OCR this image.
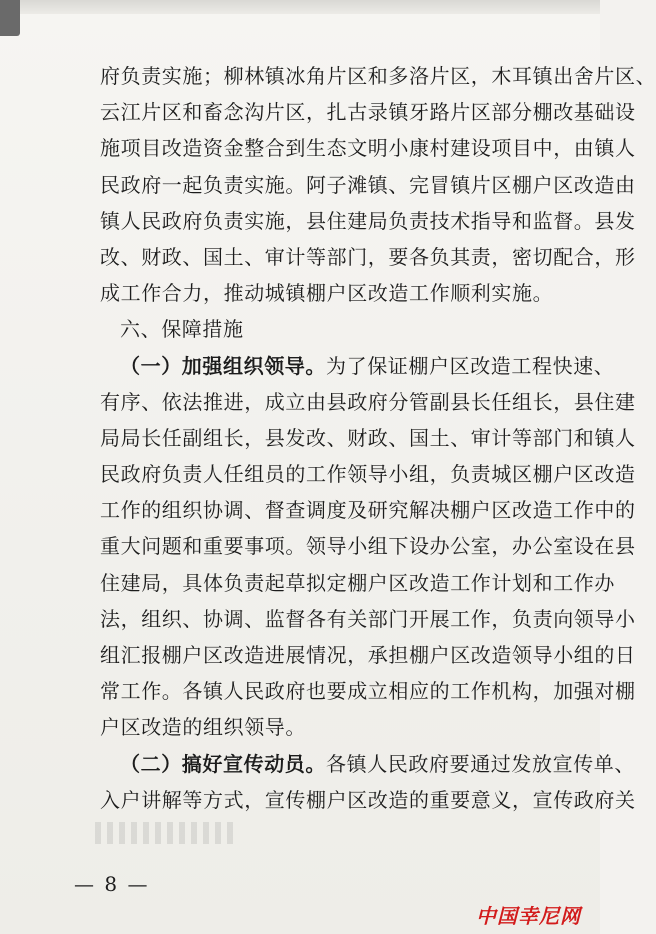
府负责实施；柳林镇冰角片区和多洛片区，木耳镇出舍片区、
云江片区和畜念沟片区，扎古录镇牙路片区部分棚改基础设
施项目改造资金整合到生态文明小康村建设项目中，由镇人
民政府一起负责实施。阿子滩镇、完冒镇片区棚户区改造由
镇人民政府负责实施，县住建局负责技术指导和监督。县发
改、财政、国土、审计等部门，要各负其责，密切配合，形
成工作合力，推动城镇棚户区改造工作顺利实施。
六、保障措施
（一）加强组织领导。为了保证棚户区改造工程快速、
有序、依法推进，成立由县政府分管副县长任组长，县住建
局局长任副组长，县发改、财政、国土、审计等部门和镇人
民政府负责人任组员的工作领导小组，负责城区棚户区改造
工作的组织协调、督查调度及研究解决棚户区改造工作中的
重大问题和重要事项。领导小组下设办公室，办公室设在县
住建局，具体负责起草拟定棚户区改造工作计划和工作办
法，组织、协调、监督各有关部门开展工作，负责向领导小
组汇报棚户区改造进展情况，承担棚户区改造领导小组的日
常工作。各镇人民政府也要成立相应的工作机构，加强对棚
户区改造的组织领导。
（二）搞好宣传动员。各镇人民政府要通过发放宣传单、
入户讲解等方式，宣传棚户区改造的重要意义，宣传政府关
— 8 —
中国幸尼网
